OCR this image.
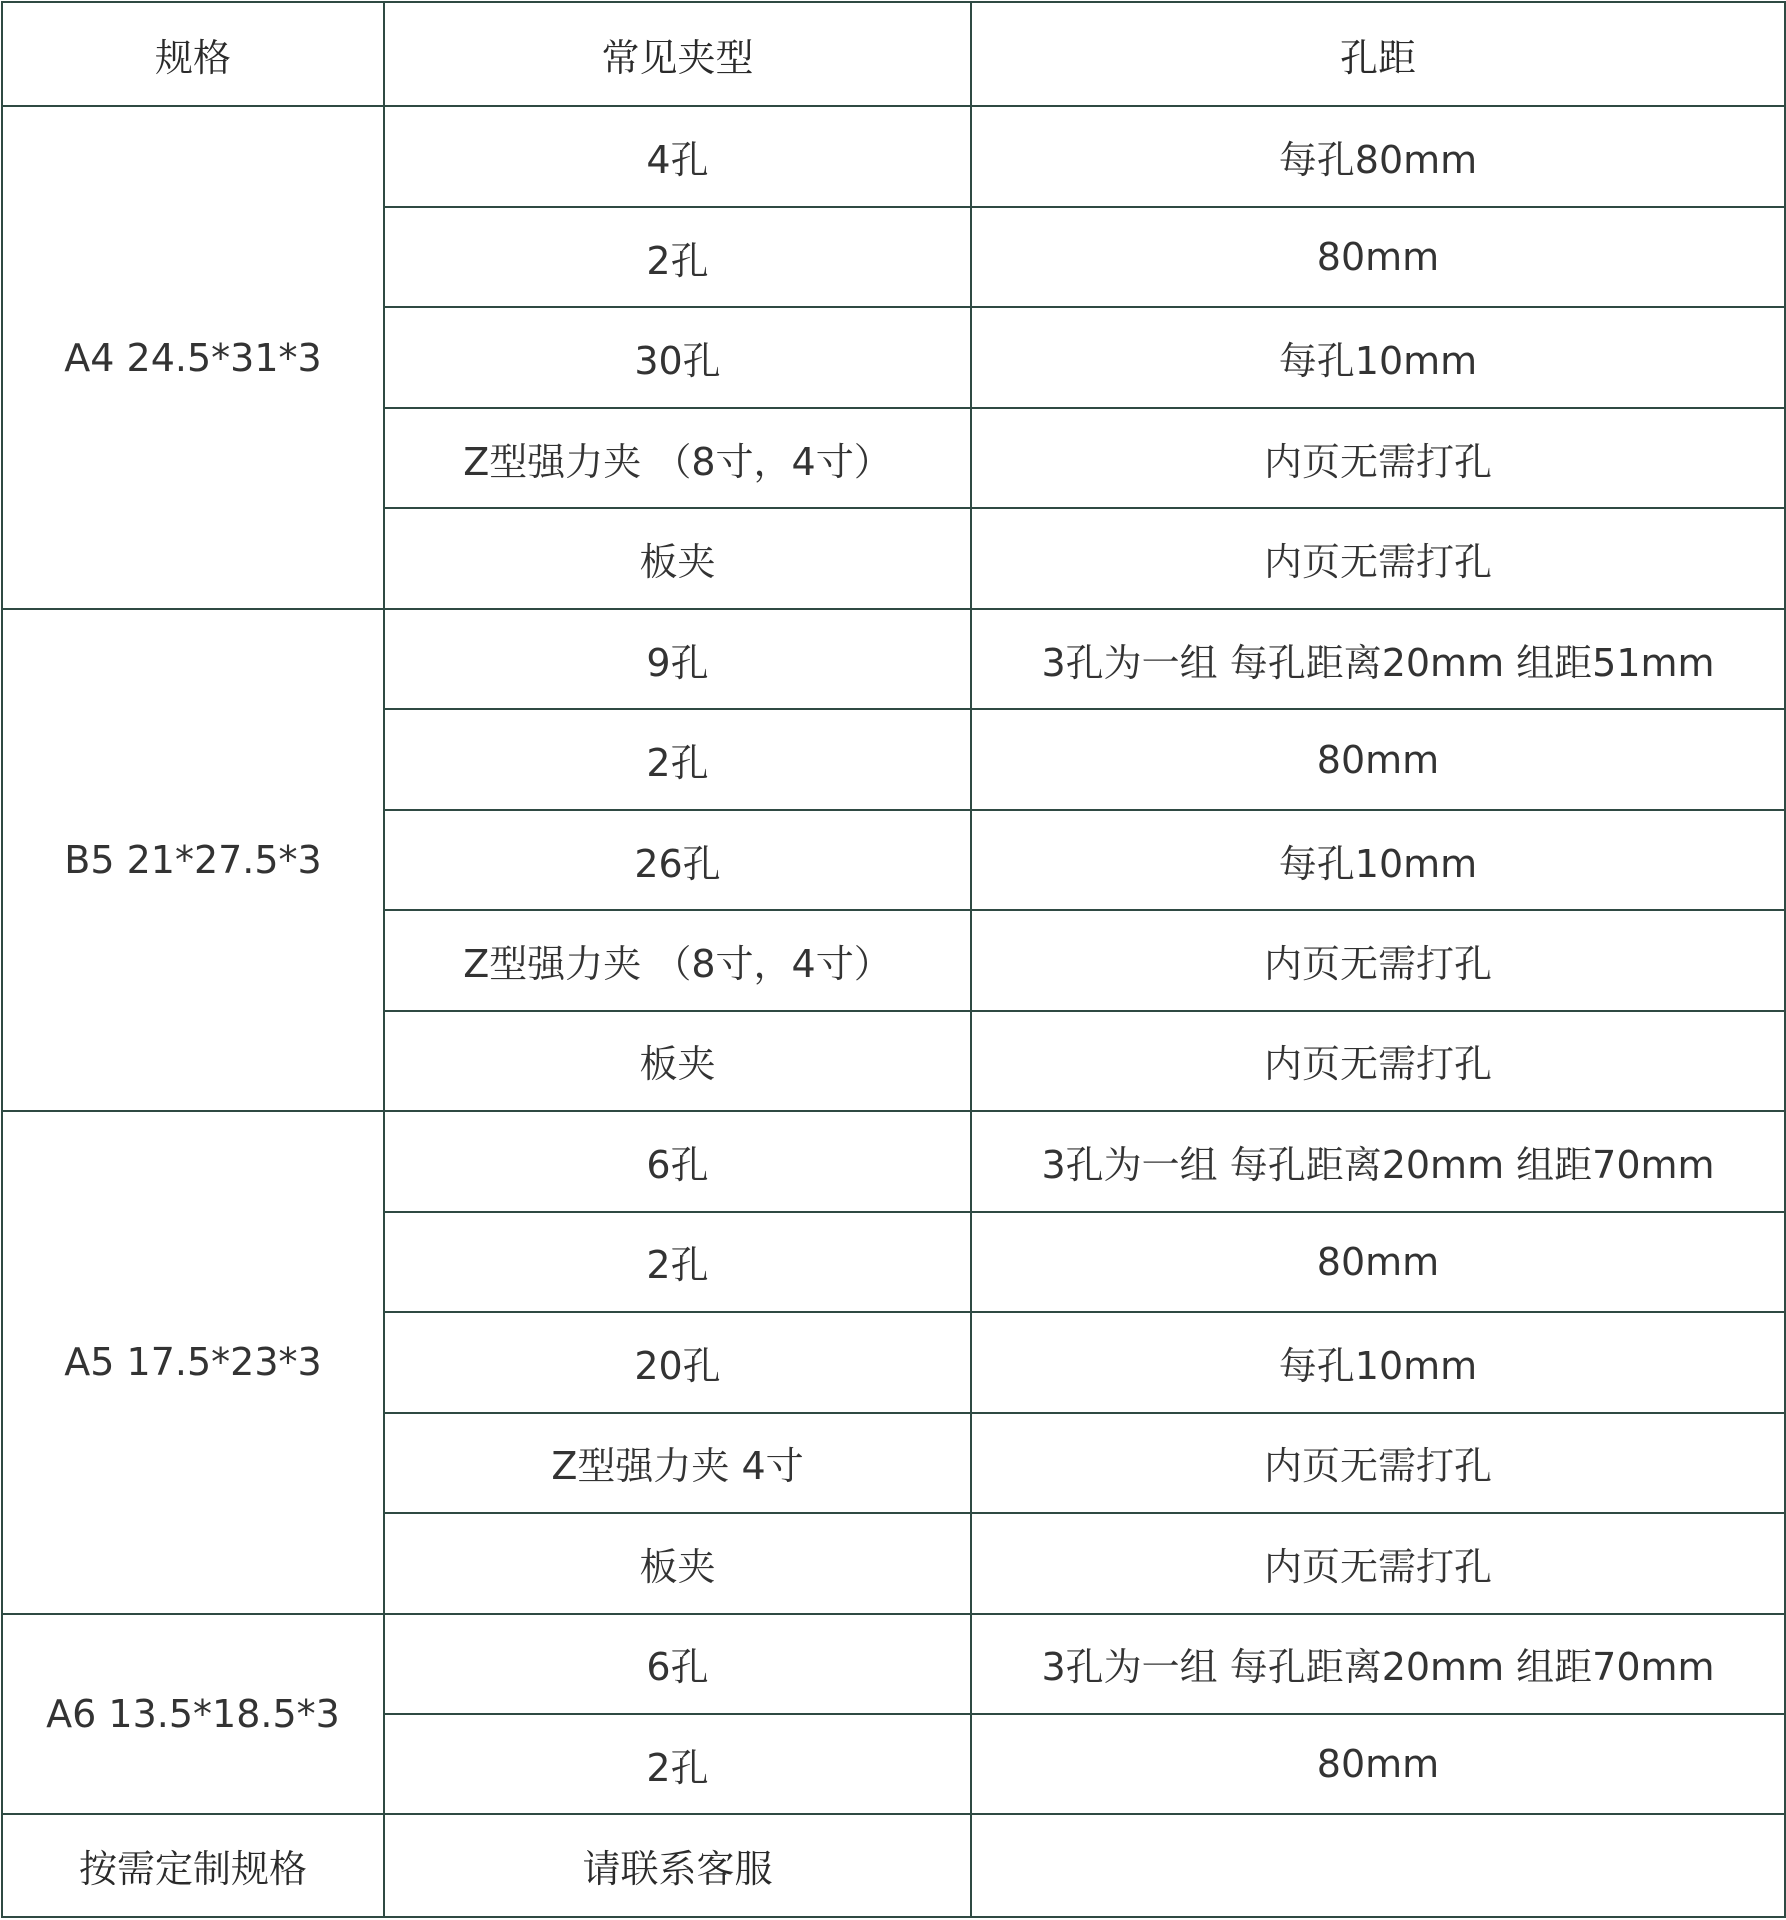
规格	常见夹型	孔距
A4 24.5*31*3	4孔	每孔80mm
	2孔	80mm
	30孔	每孔10mm
	Z型强力夹 （8寸，4寸）	内页无需打孔
	板夹	内页无需打孔
B5 21*27.5*3	9孔	3孔为一组 每孔距离20mm 组距51mm
	2孔	80mm
	26孔	每孔10mm
	Z型强力夹 （8寸，4寸）	内页无需打孔
	板夹	内页无需打孔
A5 17.5*23*3	6孔	3孔为一组 每孔距离20mm 组距70mm
	2孔	80mm
	20孔	每孔10mm
	Z型强力夹 4寸	内页无需打孔
	板夹	内页无需打孔
A6 13.5*18.5*3	6孔	3孔为一组 每孔距离20mm 组距70mm
	2孔	80mm
按需定制规格	请联系客服	
